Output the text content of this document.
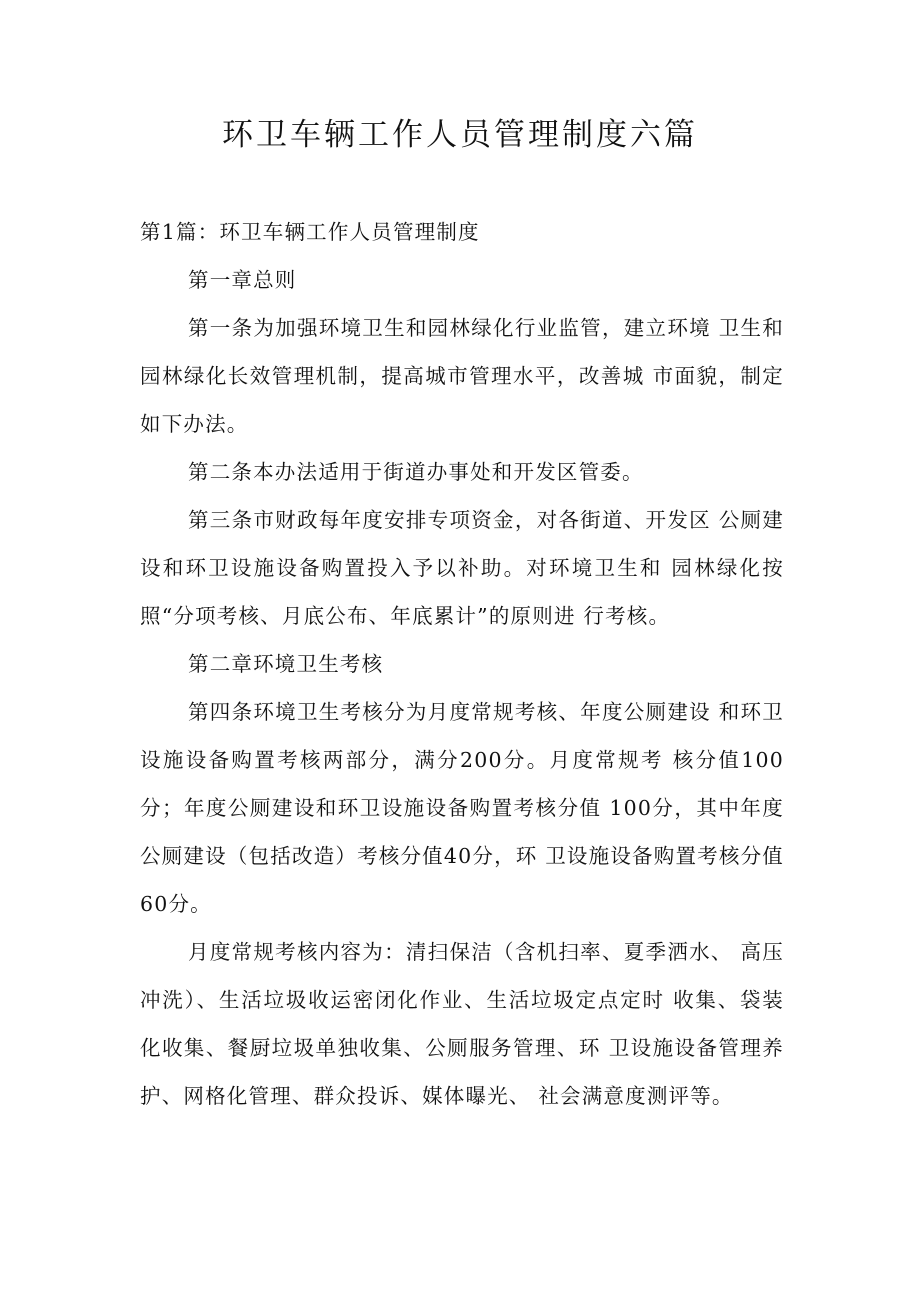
环卫车辆工作人员管理制度六篇

第1篇：环卫车辆工作人员管理制度

第一章总则

第一条为加强环境卫生和园林绿化行业监管，建立环境 卫生和园林绿化长效管理机制，提高城市管理水平，改善城 市面貌，制定如下办法。

第二条本办法适用于街道办事处和开发区管委。

第三条市财政每年度安排专项资金，对各街道、开发区 公厕建设和环卫设施设备购置投入予以补助。对环境卫生和 园林绿化按照“分项考核、月底公布、年底累计”的原则进 行考核。

第二章环境卫生考核

第四条环境卫生考核分为月度常规考核、年度公厕建设 和环卫设施设备购置考核两部分，满分200分。月度常规考 核分值100分；年度公厕建设和环卫设施设备购置考核分值 100分，其中年度公厕建设（包括改造）考核分值40分，环 卫设施设备购置考核分值60分。

月度常规考核内容为：清扫保洁（含机扫率、夏季洒水、 高压冲洗）、生活垃圾收运密闭化作业、生活垃圾定点定时 收集、袋装化收集、餐厨垃圾单独收集、公厕服务管理、环 卫设施设备管理养护、网格化管理、群众投诉、媒体曝光、 社会满意度测评等。
